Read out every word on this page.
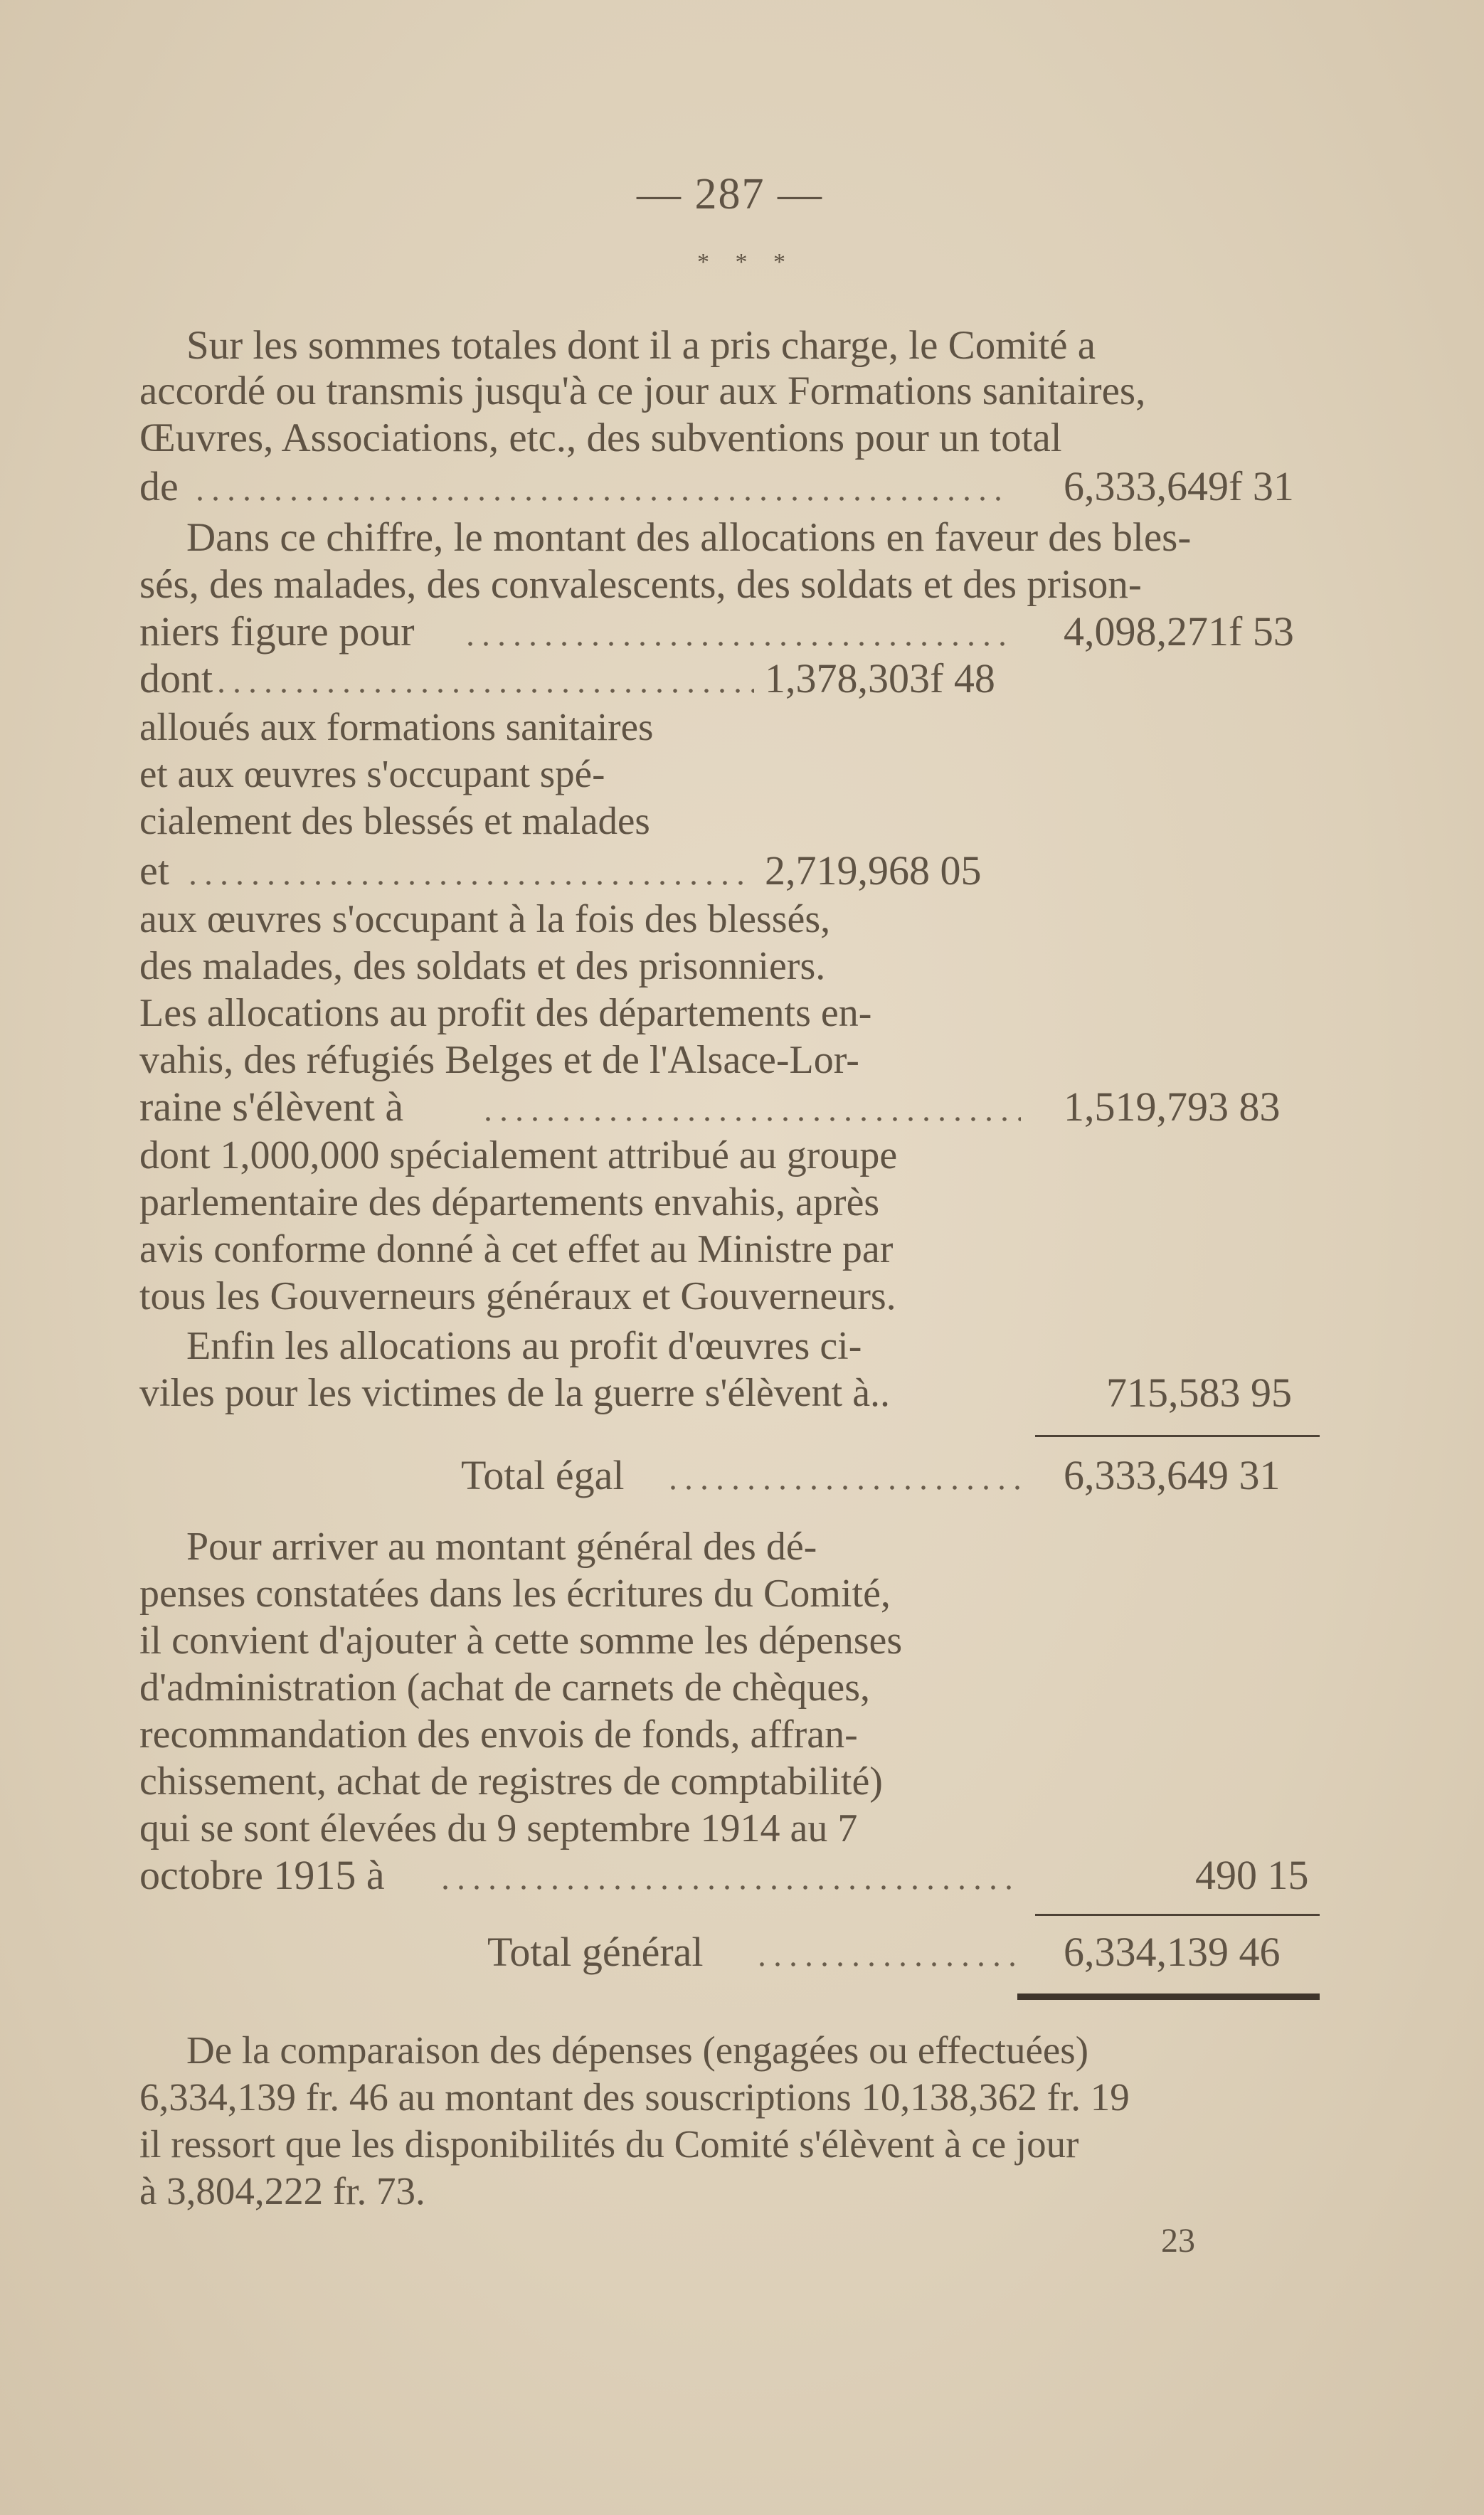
— 287 —
* * *
Sur les sommes totales dont il a pris charge, le Comité a
accordé ou transmis jusqu'à ce jour aux Formations sanitaires,
Œuvres, Associations, etc., des subventions pour un total
de	6,333,649f 31
Dans ce chiffre, le montant des allocations en faveur des bles-
sés, des malades, des convalescents, des soldats et des prison-
niers figure pour	4,098,271f 53
dont	1,378,303f 48
alloués aux formations sanitaires
et aux œuvres s'occupant spé-
cialement des blessés et malades
et	2,719,968 05
aux œuvres s'occupant à la fois des blessés,
des malades, des soldats et des prisonniers.
Les allocations au profit des départements en-
vahis, des réfugiés Belges et de l'Alsace-Lor-
raine s'élèvent à	1,519,793 83
dont 1,000,000 spécialement attribué au groupe
parlementaire des départements envahis, après
avis conforme donné à cet effet au Ministre par
tous les Gouverneurs généraux et Gouverneurs.
Enfin les allocations au profit d'œuvres ci-
viles pour les victimes de la guerre s'élèvent à..	715,583 95
Total égal	6,333,649 31
Pour arriver au montant général des dé-
penses constatées dans les écritures du Comité,
il convient d'ajouter à cette somme les dépenses
d'administration (achat de carnets de chèques,
recommandation des envois de fonds, affran-
chissement, achat de registres de comptabilité)
qui se sont élevées du 9 septembre 1914 au 7
octobre 1915 à	490 15
Total général	6,334,139 46
De la comparaison des dépenses (engagées ou effectuées)
6,334,139 fr. 46 au montant des souscriptions 10,138,362 fr. 19
il ressort que les disponibilités du Comité s'élèvent à ce jour
à 3,804,222 fr. 73.
23
